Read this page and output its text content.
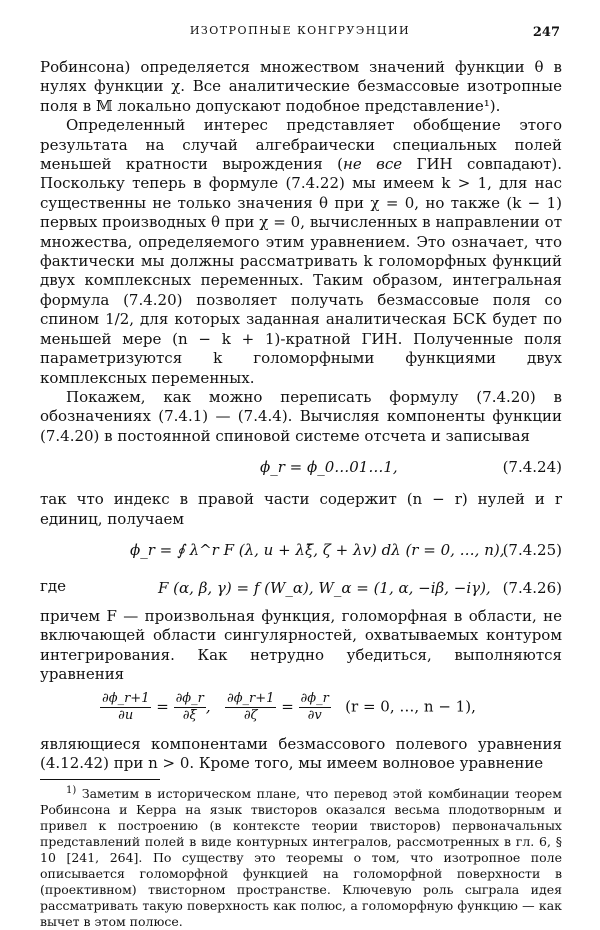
ИЗОТРОПНЫЕ КОНГРУЭНЦИИ	247

Робинсона) определяется множеством значений функции θ в нулях функции χ. Все аналитические безмассовые изотропные поля в 𝕄 локально допускают подобное представление¹).

Определенный интерес представляет обобщение этого результата на случай алгебраически специальных полей меньшей кратности вырождения (не все ГИН совпадают). Поскольку теперь в формуле (7.4.22) мы имеем k > 1, для нас существенны не только значения θ при χ = 0, но также (k − 1) первых производных θ при χ = 0, вычисленных в направлении от множества, определяемого этим уравнением. Это означает, что фактически мы должны рассматривать k голоморфных функций двух комплексных переменных. Таким образом, интегральная формула (7.4.20) позволяет получать безмассовые поля со спином 1/2, для которых заданная аналитическая БСК будет по меньшей мере (n − k + 1)-кратной ГИН. Полученные поля параметризуются k голоморфными функциями двух комплексных переменных.

Покажем, как можно переписать формулу (7.4.20) в обозначениях (7.4.1) — (7.4.4). Вычисляя компоненты функции (7.4.20) в постоянной спиновой системе отсчета и записывая

ϕ_r = ϕ_0…01…1,	(7.4.24)

так что индекс в правой части содержит (n − r) нулей и r единиц, получаем

ϕ_r = ∮ λ^r F (λ, u + λξ̄, ζ + λv) dλ (r = 0, …, n),
(7.4.25)
где	F (α, β, γ) = f (W_α), W_α = (1, α, −iβ, −iγ), (7.4.26)

причем F — произвольная функция, голоморфная в области, не включающей области сингулярностей, охватываемых контуром интегрирования. Как нетрудно убедиться, выполняются уравнения

$\frac{\partial\phi\_r+1}{\partial u} = \frac{\partial\phi\_r}{\partial\xī}$ , $\frac{\partial\phi\_r+1}{\partial\zeta} = \frac{\partial\phi\_r}{\partial v} (r = 0$, …, n − 1),

являющиеся компонентами безмассового полевого уравнения (4.12.42) при n > 0. Кроме того, мы имеем волновое уравнение

$^{1)}$ Заметим в историческом плане, что перевод этой комбинации теорем Робинсона и Керра на язык твисторов оказался весьма плодотворным и привел к построению (в контексте теории твисторов) первоначальных представлений полей в виде контурных интегралов, рассмотренных в гл. 6, § 10 [241, 264]. По существу это теоремы о том, что изотропное поле описывается голоморфной функцией на голоморфной поверхности в (проективном) твисторном пространстве. Ключевую роль сыграла идея рассматривать такую поверхность как полюс, а голоморфную функцию — как вычет в этом полюсе.
